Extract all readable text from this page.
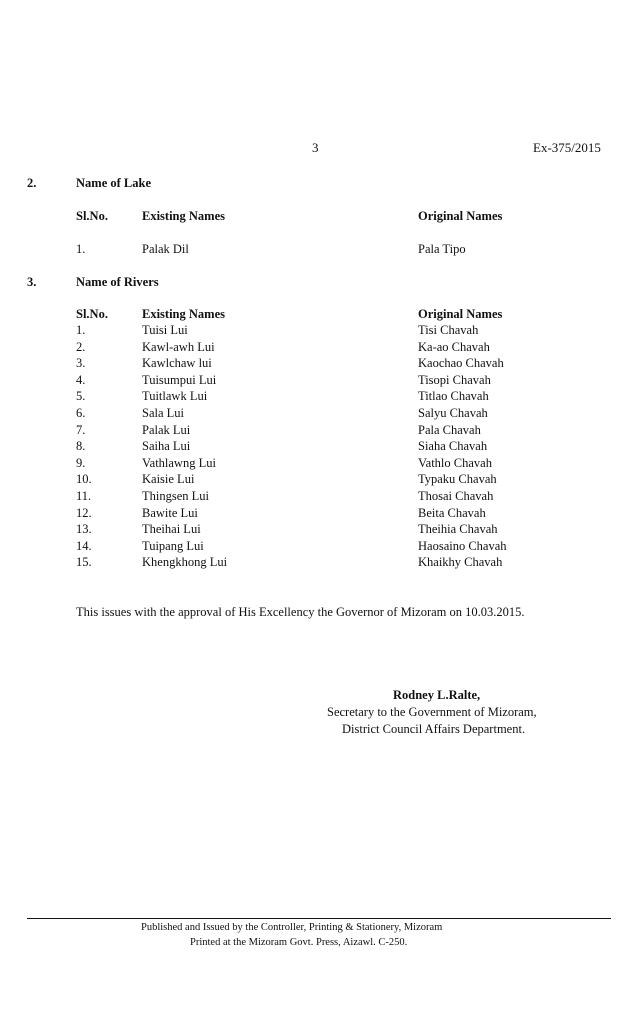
3	Ex-375/2015
2.	Name of Lake
Sl.No.	Existing Names	Original Names
1.	Palak Dil	Pala Tipo
3.	Name of Rivers
Sl.No.	Existing Names	Original Names
1.	Tuisi Lui	Tisi Chavah
2.	Kawl-awh Lui	Ka-ao Chavah
3.	Kawlchaw lui	Kaochao Chavah
4.	Tuisumpui Lui	Tisopi Chavah
5.	Tuitlawk Lui	Titlao Chavah
6.	Sala Lui	Salyu Chavah
7.	Palak Lui	Pala Chavah
8.	Saiha Lui	Siaha Chavah
9.	Vathlawng Lui	Vathlo Chavah
10.	Kaisie Lui	Typaku Chavah
11.	Thingsen Lui	Thosai Chavah
12.	Bawite Lui	Beita Chavah
13.	Theihai Lui	Theihia Chavah
14.	Tuipang Lui	Haosaino Chavah
15.	Khengkhong Lui	Khaikhy Chavah
This issues with the approval of His Excellency the Governor of Mizoram on 10.03.2015.
Rodney L.Ralte,
Secretary to the Government of Mizoram,
District Council Affairs Department.
Published and Issued by the Controller, Printing & Stationery, Mizoram
Printed at the Mizoram Govt. Press, Aizawl. C-250.
